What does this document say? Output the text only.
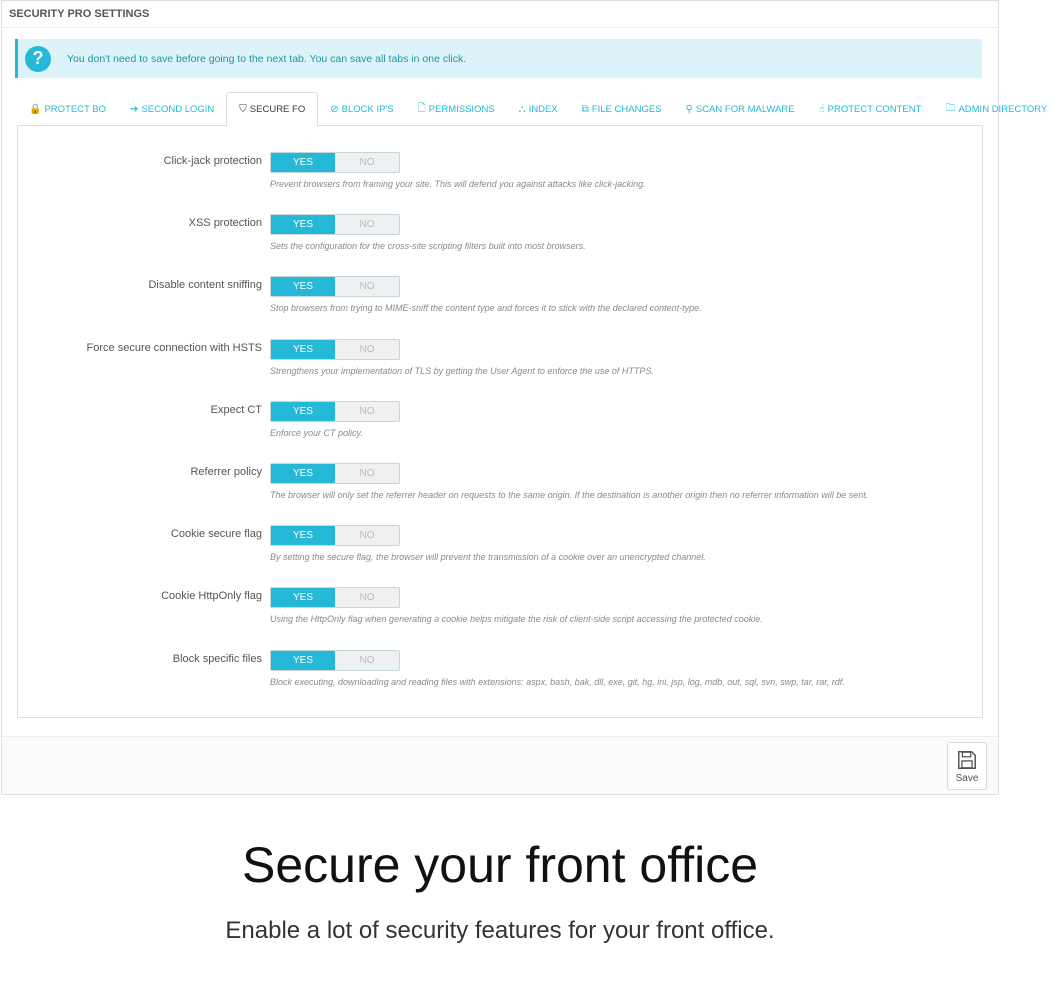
SECURITY PRO SETTINGS
?	You don't need to save before going to the next tab. You can save all tabs in one click.
🔒 PROTECT BO ➔ SECOND LOGIN	⛉ SECURE FO	⊘ BLOCK IP'S 🗋 PERMISSIONS ⛬ INDEX ⧉ FILE CHANGES ⚲ SCAN FOR MALWARE ☝ PROTECT CONTENT 🗀 ADMIN DIRECTORY
Click-jack protection	YES	NO
Prevent browsers from framing your site. This will defend you against attacks like click-jacking.
XSS protection	YES	NO
Sets the configuration for the cross-site scripting filters built into most browsers.
Disable content sniffing	YES	NO
Stop browsers from trying to MIME-sniff the content type and forces it to stick with the declared content-type.
Force secure connection with HSTS	YES	NO
Strengthens your implementation of TLS by getting the User Agent to enforce the use of HTTPS.
Expect CT	YES	NO
Enforce your CT policy.
Referrer policy	YES	NO
The browser will only set the referrer header on requests to the same origin. If the destination is another origin then no referrer information will be sent.
Cookie secure flag	YES	NO
By setting the secure flag, the browser will prevent the transmission of a cookie over an unencrypted channel.
Cookie HttpOnly flag	YES	NO
Using the HttpOnly flag when generating a cookie helps mitigate the risk of client-side script accessing the protected cookie.
Block specific files	YES	NO
Block executing, downloading and reading files with extensions: aspx, bash, bak, dll, exe, git, hg, ini, jsp, log, mdb, out, sql, svn, swp, tar, rar, rdf.
Save
Secure your front office
Enable a lot of security features for your front office.
